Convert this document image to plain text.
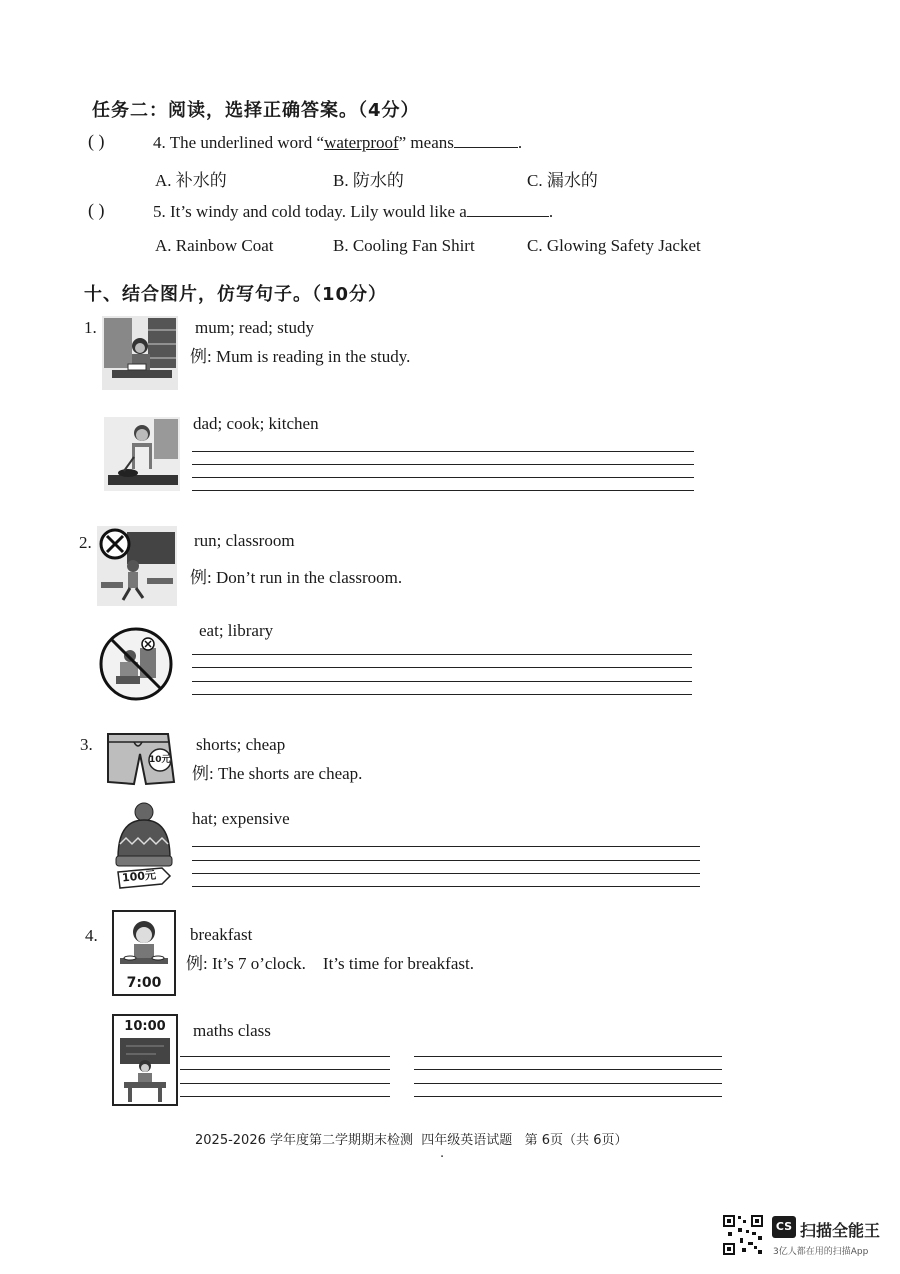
任务二：阅读，选择正确答案。（4分）
( )	4. The underlined word “waterproof” means	.
A. 补水的	B. 防水的	C. 漏水的
( )	5. It’s windy and cold today. Lily would like a	.
A. Rainbow Coat	B. Cooling Fan Shirt	C. Glowing Safety Jacket
十、结合图片，仿写句子。（10分）
1.	mum; read; study
例: Mum is reading in the study.
dad; cook; kitchen
2.	run; classroom
例: Don’t run in the classroom.
eat; library
3.
10元
shorts; cheap
例: The shorts are cheap.
100元
hat; expensive
4.
7:00
breakfast
例: It’s 7 o’clock.    It’s time for breakfast.
10:00	maths class
2025-2026 学年度第二学期期末检测  四年级英语试题   第 6页（共 6页）
.
CS 扫描全能王
3亿人都在用的扫描App
